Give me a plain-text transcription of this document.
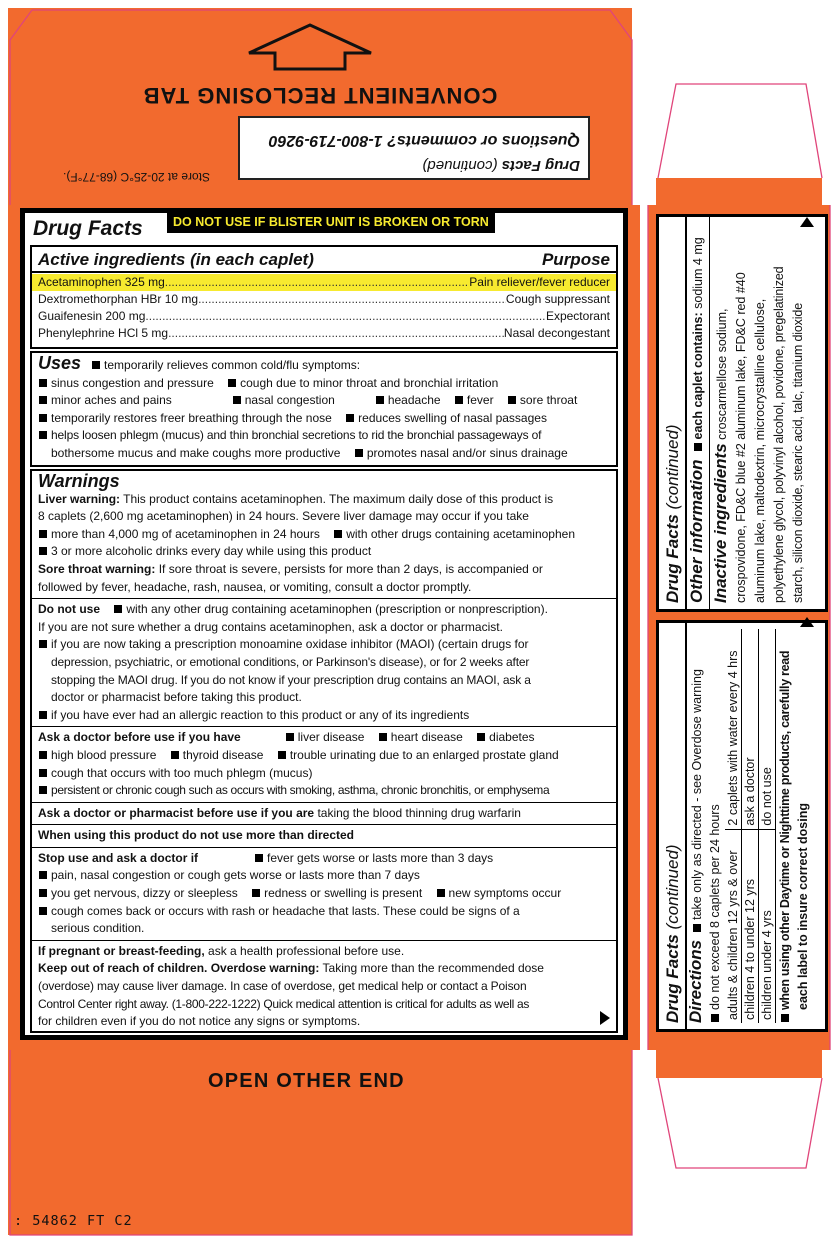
Store at 20-25°C (68-77°F).
Drug Facts (continued)
Questions or comments? 1-800-719-9260
CONVENIENT RECLOSING TAB
Drug Facts	DO NOT USE IF BLISTER UNIT IS BROKEN OR TORN
Active ingredients (in each caplet)	Purpose
Acetaminophen 325 mg .....	Pain reliever/fever reducer
Dextromethorphan HBr 10 mg .....	Cough suppressant
Guaifenesin 200 mg .....	Expectorant
Phenylephrine HCl 5 mg .....	Nasal decongestant
Uses temporarily relieves common cold/flu symptoms:
sinus congestion and pressure cough due to minor throat and bronchial irritation
minor aches and pains	nasal congestion	headache fever sore throat
temporarily restores freer breathing through the nose reduces swelling of nasal passages
helps loosen phlegm (mucus) and thin bronchial secretions to rid the bronchial passageways of
bothersome mucus and make coughs more productive promotes nasal and/or sinus drainage
Warnings
Liver warning: This product contains acetaminophen. The maximum daily dose of this product is
8 caplets (2,600 mg acetaminophen) in 24 hours. Severe liver damage may occur if you take
more than 4,000 mg of acetaminophen in 24 hours with other drugs containing acetaminophen
3 or more alcoholic drinks every day while using this product
Sore throat warning: If sore throat is severe, persists for more than 2 days, is accompanied or
followed by fever, headache, rash, nausea, or vomiting, consult a doctor promptly.
Do not use with any other drug containing acetaminophen (prescription or nonprescription).
If you are not sure whether a drug contains acetaminophen, ask a doctor or pharmacist.
if you are now taking a prescription monoamine oxidase inhibitor (MAOI) (certain drugs for
depression, psychiatric, or emotional conditions, or Parkinson's disease), or for 2 weeks after
stopping the MAOI drug. If you do not know if your prescription drug contains an MAOI, ask a
doctor or pharmacist before taking this product.
if you have ever had an allergic reaction to this product or any of its ingredients
Ask a doctor before use if you have	liver disease heart disease diabetes
high blood pressure thyroid disease trouble urinating due to an enlarged prostate gland
cough that occurs with too much phlegm (mucus)
persistent or chronic cough such as occurs with smoking, asthma, chronic bronchitis, or emphysema
Ask a doctor or pharmacist before use if you are taking the blood thinning drug warfarin
When using this product do not use more than directed
Stop use and ask a doctor if	fever gets worse or lasts more than 3 days
pain, nasal congestion or cough gets worse or lasts more than 7 days
you get nervous, dizzy or sleepless redness or swelling is present new symptoms occur
cough comes back or occurs with rash or headache that lasts. These could be signs of a
serious condition.
If pregnant or breast-feeding, ask a health professional before use.
Keep out of reach of children. Overdose warning: Taking more than the recommended dose
(overdose) may cause liver damage. In case of overdose, get medical help or contact a Poison
Control Center right away. (1-800-222-1222) Quick medical attention is critical for adults as well as
for children even if you do not notice any signs or symptoms.
Drug Facts (continued) Other information  each caplet contains: sodium 4 mg
Inactive ingredients croscarmellose sodium, crospovidone, FD&C blue #2 aluminum lake, FD&C red #40 aluminum lake, maltodextrin, microcrystalline cellulose, polyethylene glycol, polyvinyl alcohol, povidone, pregelatinized starch, silicon dioxide, stearic acid, talc, titanium dioxide
Drug Facts (continued)
Directions  take only as directed - see Overdose warning do not exceed 8 caplets per 24 hours adults & children 12 yrs & over	2 caplets with water every 4 hrs
children 4 to under 12 yrs	ask a doctor
children under 4 yrs	do not use when using other Daytime or Nighttime products, carefully read each label to insure correct dosing
OPEN OTHER END
: 54862 FT C2
